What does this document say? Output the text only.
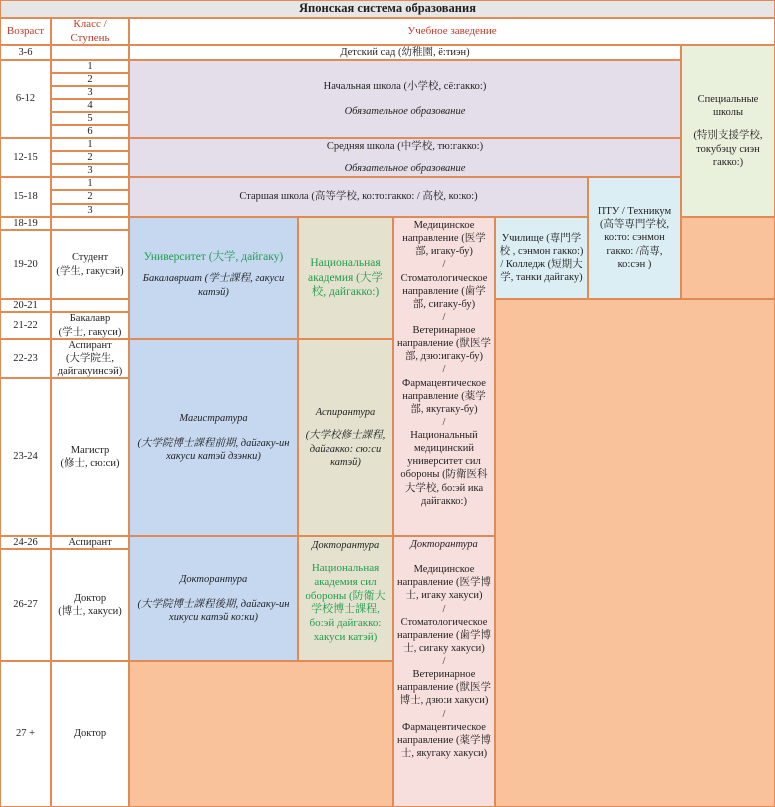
Японская система образования
Возраст
Класс / Ступень
Учебное заведение
3-6
6-12
12-15
15-18
18-19
19-20
20-21
21-22
22-23
23-24
24-26
26-27
27 +
1
2
3
4
5
6
1
2
3
1
2
3
Студент
(学生, гакусэй)
Бакалавр
(学士, гакуси)
Аспирант
(大学院生, дайгакуинсэй)
Магистр
(修士, сю:си)
Аспирант
Доктор
(博士, хакуси)
Доктор
Детский сад (幼稚園, ё:тиэн)
Начальная школа (小学校, сё:гакко:)
Обязательное образование
Средняя школа (中学校, тю:гакко:)
Обязательное образование
Специальные школы
(特別支援学校, токубэцу сиэн гакко:)
Старшая школа (高等学校, ко:то:гакко: / 高校, ко:ко:)
ПТУ / Техникум
(高等専門学校, ко:то: сэнмон гакко: /高専, ко:сэн )
Училище (専門学校 , сэнмон гакко:) / Колледж (短期大学, танки дайгаку)
Университет (大学, дайгаку)
Бакалавриат (学士課程, гакуси катэй)
Магистратура
(大学院博士課程前期, дайгаку-ин хакуси катэй дзэнки)
Докторантура
(大学院博士課程後期, дайгаку-ин хикуси катэй ко:ки)
Национальная академия (大学校, дайгакко:)
Аспирантура
(大学校修士課程, дайгакко: сю:си катэй)
Докторантура
Национальная академия сил обороны (防衛大学校博士課程, бо:эй дайгакко: хакуси катэй)
Медицинское направление (医学部, игаку-бу)
/
Стоматологическое направление (歯学部, сигаку-бу)
/
Ветеринарное направление (獣医学部, дзю:игаку-бу)
/
Фармацевтическое направление (薬学部, якугаку-бу)
/
Национальный медицинский университет сил обороны (防衛医科大学校, бо:эй ика дайгакко:)
Докторантура
Медицинское направление (医学博士, игаку хакуси)
/
Стоматологическое направление (歯学博士, сигаку хакуси)
/
Ветеринарное направление (獣医学博士, дзю:и хакуси)
/
Фармацевтическое направление (薬学博士, якугаку хакуси)
